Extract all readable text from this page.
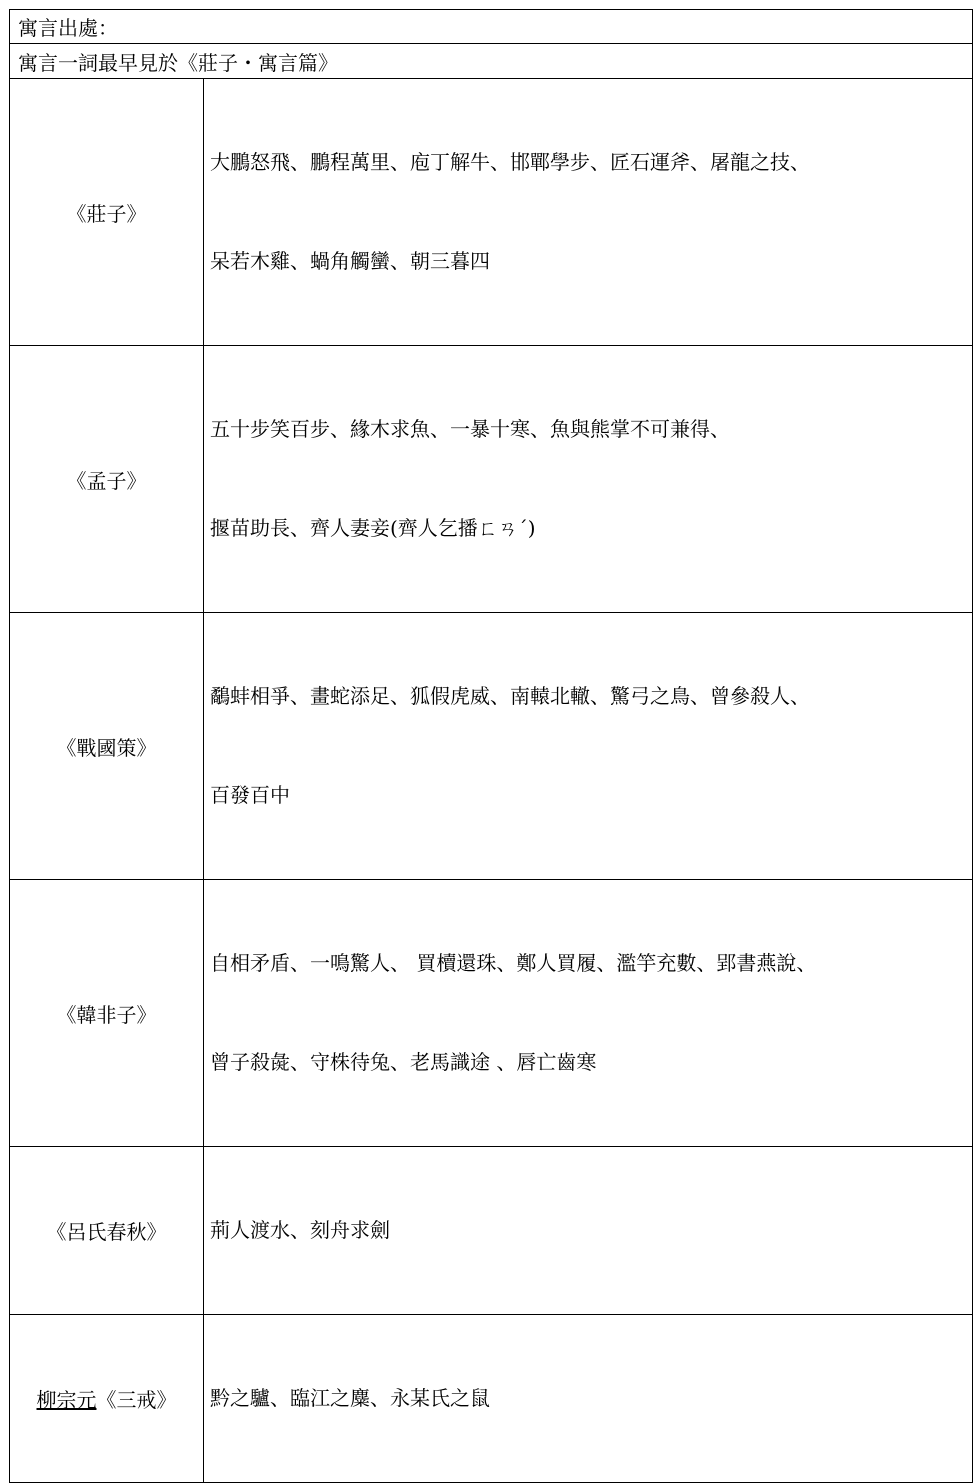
寓言出處：	
寓言一詞最早見於《莊子・寓言篇》	
《莊子》	大鵬怒飛、鵬程萬里、庖丁解牛、邯鄲學步、匠石運斧、屠龍之技、

呆若木雞、蝸角觸蠻、朝三暮四

《孟子》	五十步笑百步、緣木求魚、一暴十寒、魚與熊掌不可兼得、

揠苗助長、齊人妻妾(齊人乞播ㄈㄢˊ)

《戰國策》	鷸蚌相爭、畫蛇添足、狐假虎威、南轅北轍、驚弓之鳥、曾參殺人、

百發百中

《韓非子》	自相矛盾、一鳴驚人、 買櫝還珠、鄭人買履、濫竽充數、郢書燕說、

曾子殺彘、守株待兔、老馬識途 、唇亡齒寒

《呂氏春秋》	荊人渡水、刻舟求劍

柳宗元《三戒》	黔之驢、臨江之麋、永某氏之鼠
